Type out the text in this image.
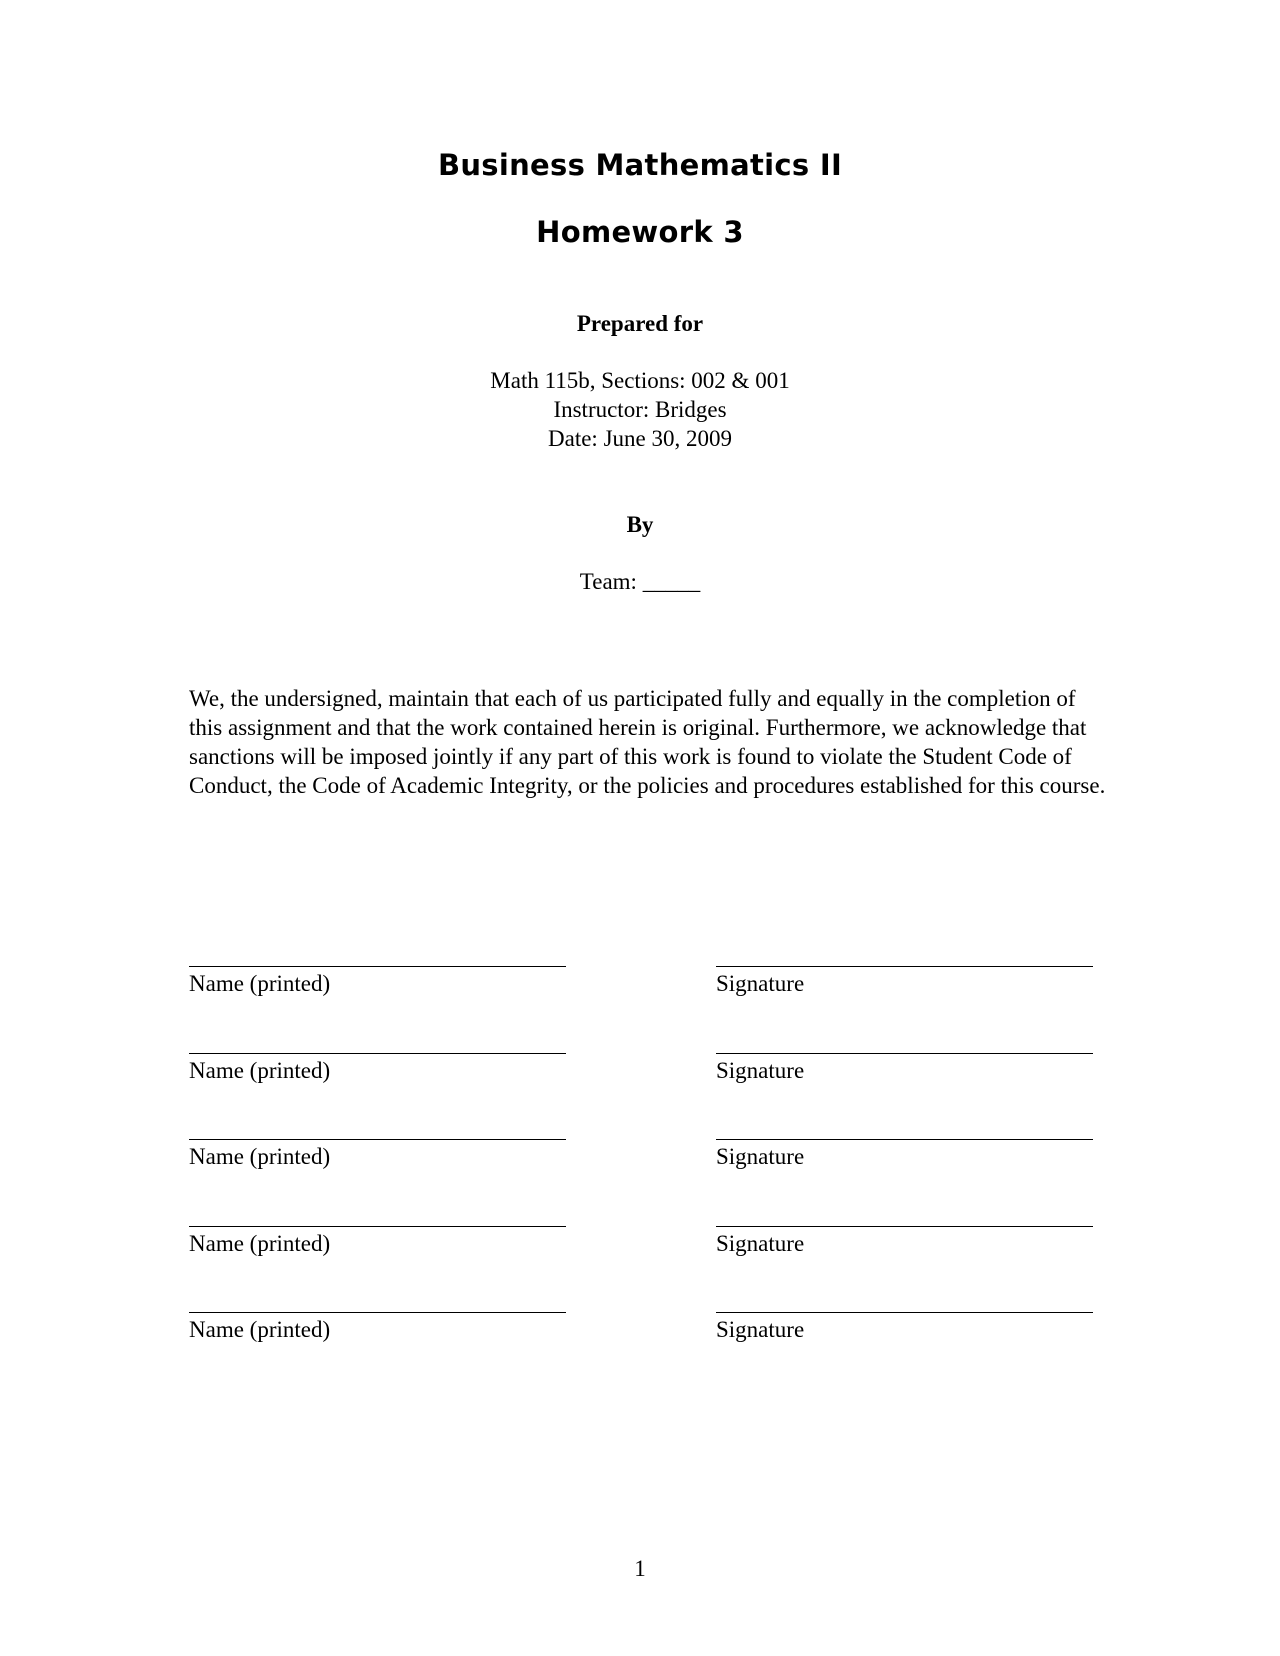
Business Mathematics II
Homework 3
Prepared for
Math 115b, Sections: 002 & 001
Instructor: Bridges
Date: June 30, 2009
By
Team: _____
We, the undersigned, maintain that each of us participated fully and equally in the completion of this assignment and that the work contained herein is original. Furthermore, we acknowledge that sanctions will be imposed jointly if any part of this work is found to violate the Student Code of Conduct, the Code of Academic Integrity, or the policies and procedures established for this course.
Name (printed)	Signature
Name (printed)	Signature
Name (printed)	Signature
Name (printed)	Signature
Name (printed)	Signature
1
